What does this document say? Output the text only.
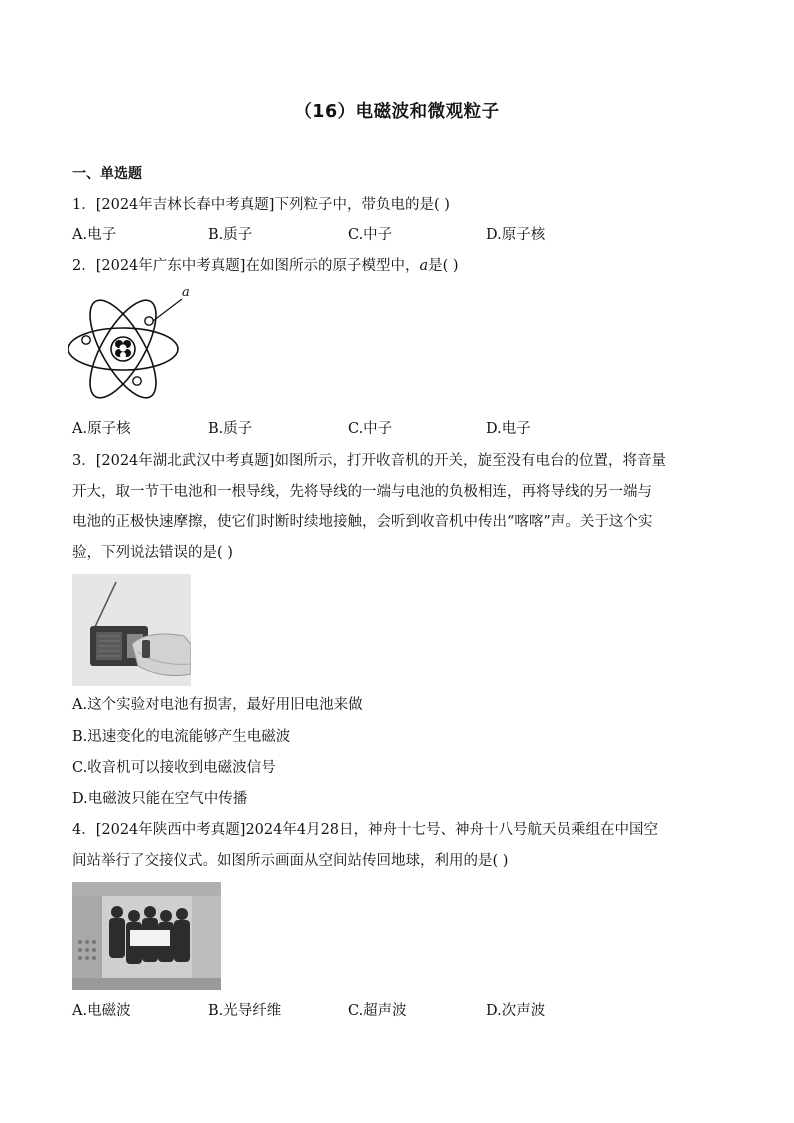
（16）电磁波和微观粒子
一、单选题
1．[2024年吉林长春中考真题]下列粒子中，带负电的是( )
A.电子	B.质子	C.中子	D.原子核
2．[2024年广东中考真题]在如图所示的原子模型中，a是( )
a
A.原子核	B.质子	C.中子	D.电子
3．[2024年湖北武汉中考真题]如图所示，打开收音机的开关，旋至没有电台的位置，将音量
开大，取一节干电池和一根导线，先将导线的一端与电池的负极相连，再将导线的另一端与
电池的正极快速摩擦，使它们时断时续地接触，会听到收音机中传出“喀喀”声。关于这个实
验，下列说法错误的是( )
A.这个实验对电池有损害，最好用旧电池来做
B.迅速变化的电流能够产生电磁波
C.收音机可以接收到电磁波信号
D.电磁波只能在空气中传播
4．[2024年陕西中考真题]2024年4月28日，神舟十七号、神舟十八号航天员乘组在中国空
间站举行了交接仪式。如图所示画面从空间站传回地球，利用的是( )
A.电磁波	B.光导纤维	C.超声波	D.次声波
